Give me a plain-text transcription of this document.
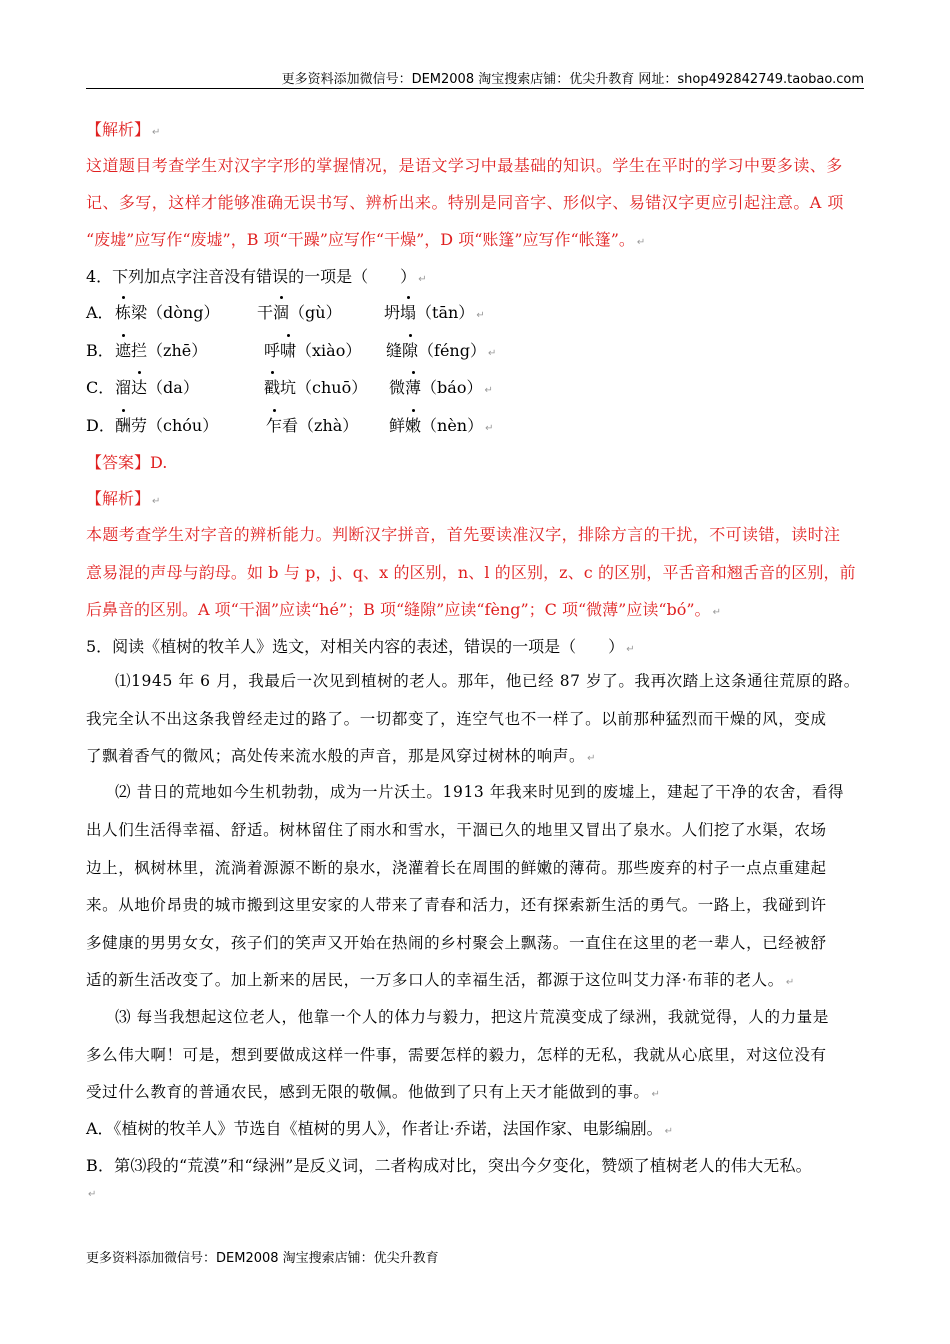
更多资料添加微信号：DEM2008 淘宝搜索店铺：优尖升教育 网址：shop492842749.taobao.com
【解析】 ↵
这道题目考查学生对汉字字形的掌握情况，是语文学习中最基础的知识。学生在平时的学习中要多读、多
记、多写，这样才能够准确无误书写、辨析出来。特别是同音字、形似字、易错汉字更应引起注意。A 项
“废墟”应写作“废墟”，B 项“干躁”应写作“干燥”，D 项“账篷”应写作“帐篷”。 ↵
4．下列加点字注音没有错误的一项是（　　） ↵
A． 栋梁（dòng） 干涸（gù）	坍塌（tān） ↵
B． 遮拦（zhē）	呼啸（xiào） 缝隙（féng） ↵
C． 溜达（da）	戳坑（chuō） 微薄（báo） ↵
D． 酬劳（chóu）	乍看（zhà） 鲜嫩（nèn） ↵
【答案】D.
【解析】 ↵
本题考查学生对字音的辨析能力。判断汉字拼音，首先要读准汉字，排除方言的干扰，不可读错，读时注
意易混的声母与韵母。如 b 与 p，j、q、x 的区别，n、l 的区别，z、c 的区别，平舌音和翘舌音的区别，前
后鼻音的区别。A 项“干涸”应读“hé”；B 项“缝隙”应读“fèng”；C 项“微薄”应读“bó”。 ↵
5．阅读《植树的牧羊人》选文，对相关内容的表述，错误的一项是（　　） ↵
⑴1945 年 6 月，我最后一次见到植树的老人。那年，他已经 87 岁了。我再次踏上这条通往荒原的路。
我完全认不出这条我曾经走过的路了。一切都变了，连空气也不一样了。以前那种猛烈而干燥的风，变成
了飘着香气的微风；高处传来流水般的声音，那是风穿过树林的响声。 ↵
⑵ 昔日的荒地如今生机勃勃，成为一片沃土。1913 年我来时见到的废墟上，建起了干净的农舍，看得
出人们生活得幸福、舒适。树林留住了雨水和雪水，干涸已久的地里又冒出了泉水。人们挖了水渠，农场
边上，枫树林里，流淌着源源不断的泉水，浇灌着长在周围的鲜嫩的薄荷。那些废弃的村子一点点重建起
来。从地价昂贵的城市搬到这里安家的人带来了青春和活力，还有探索新生活的勇气。一路上，我碰到许
多健康的男男女女，孩子们的笑声又开始在热闹的乡村聚会上飘荡。一直住在这里的老一辈人，已经被舒
适的新生活改变了。加上新来的居民，一万多口人的幸福生活，都源于这位叫艾力泽·布菲的老人。 ↵
⑶ 每当我想起这位老人，他靠一个人的体力与毅力，把这片荒漠变成了绿洲，我就觉得，人的力量是
多么伟大啊！可是，想到要做成这样一件事，需要怎样的毅力，怎样的无私，我就从心底里，对这位没有
受过什么教育的普通农民，感到无限的敬佩。他做到了只有上天才能做到的事。 ↵
A．《植树的牧羊人》节选自《植树的男人》，作者让·乔诺，法国作家、电影编剧。 ↵
B．第⑶段的“荒漠”和“绿洲”是反义词，二者构成对比，突出今夕变化，赞颂了植树老人的伟大无私。
↵
更多资料添加微信号：DEM2008 淘宝搜索店铺：优尖升教育
